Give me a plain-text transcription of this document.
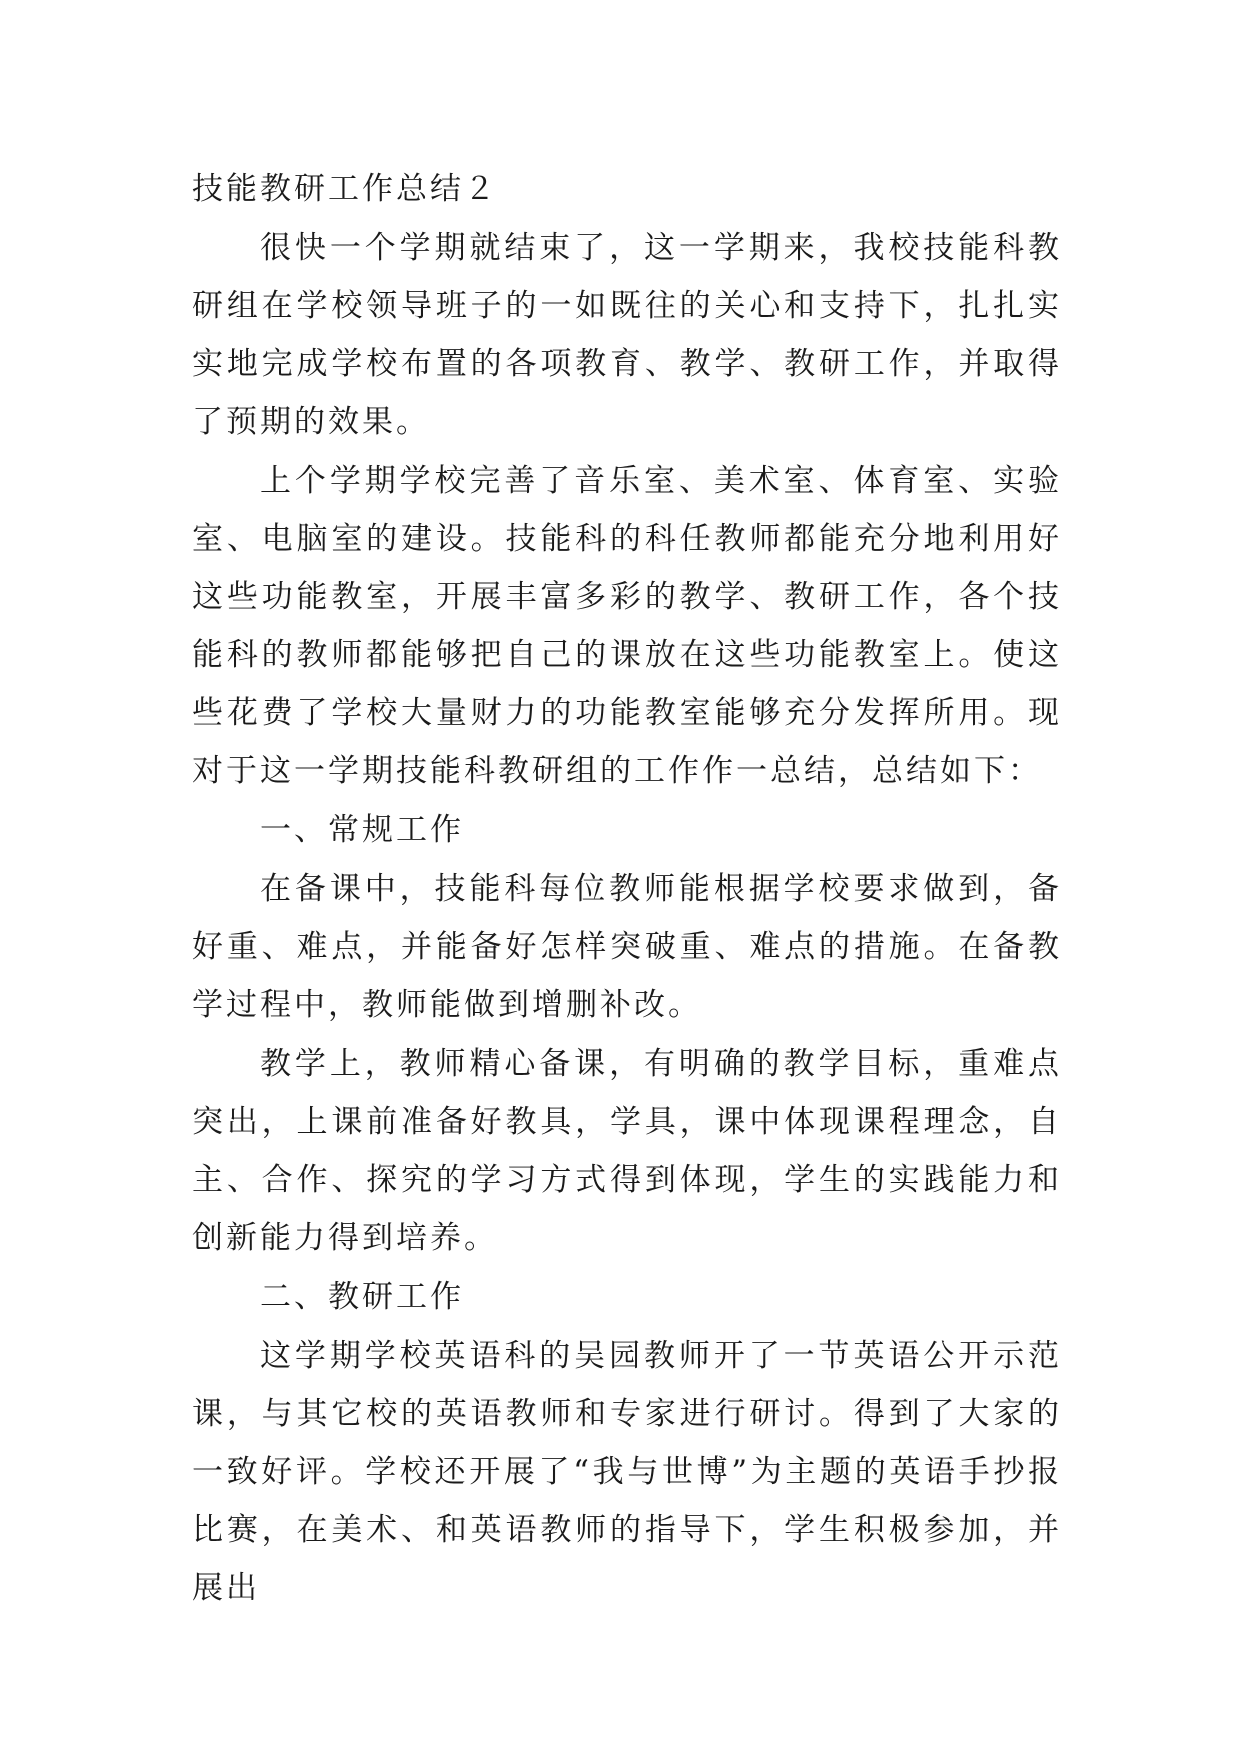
技能教研工作总结２
很快一个学期就结束了，这一学期来，我校技能科教研组在学校领导班子的一如既往的关心和支持下，扎扎实实地完成学校布置的各项教育、教学、教研工作，并取得了预期的效果。
上个学期学校完善了音乐室、美术室、体育室、实验室、电脑室的建设。技能科的科任教师都能充分地利用好这些功能教室，开展丰富多彩的教学、教研工作，各个技能科的教师都能够把自己的课放在这些功能教室上。使这些花费了学校大量财力的功能教室能够充分发挥所用。现对于这一学期技能科教研组的工作作一总结，总结如下：
一、常规工作
在备课中，技能科每位教师能根据学校要求做到，备好重、难点，并能备好怎样突破重、难点的措施。在备教学过程中，教师能做到增删补改。
教学上，教师精心备课，有明确的教学目标，重难点突出，上课前准备好教具，学具，课中体现课程理念，自主、合作、探究的学习方式得到体现，学生的实践能力和创新能力得到培养。
二、教研工作
这学期学校英语科的吴园教师开了一节英语公开示范课，与其它校的英语教师和专家进行研讨。得到了大家的一致好评。学校还开展了“我与世博”为主题的英语手抄报比赛，在美术、和英语教师的指导下，学生积极参加，并展出
